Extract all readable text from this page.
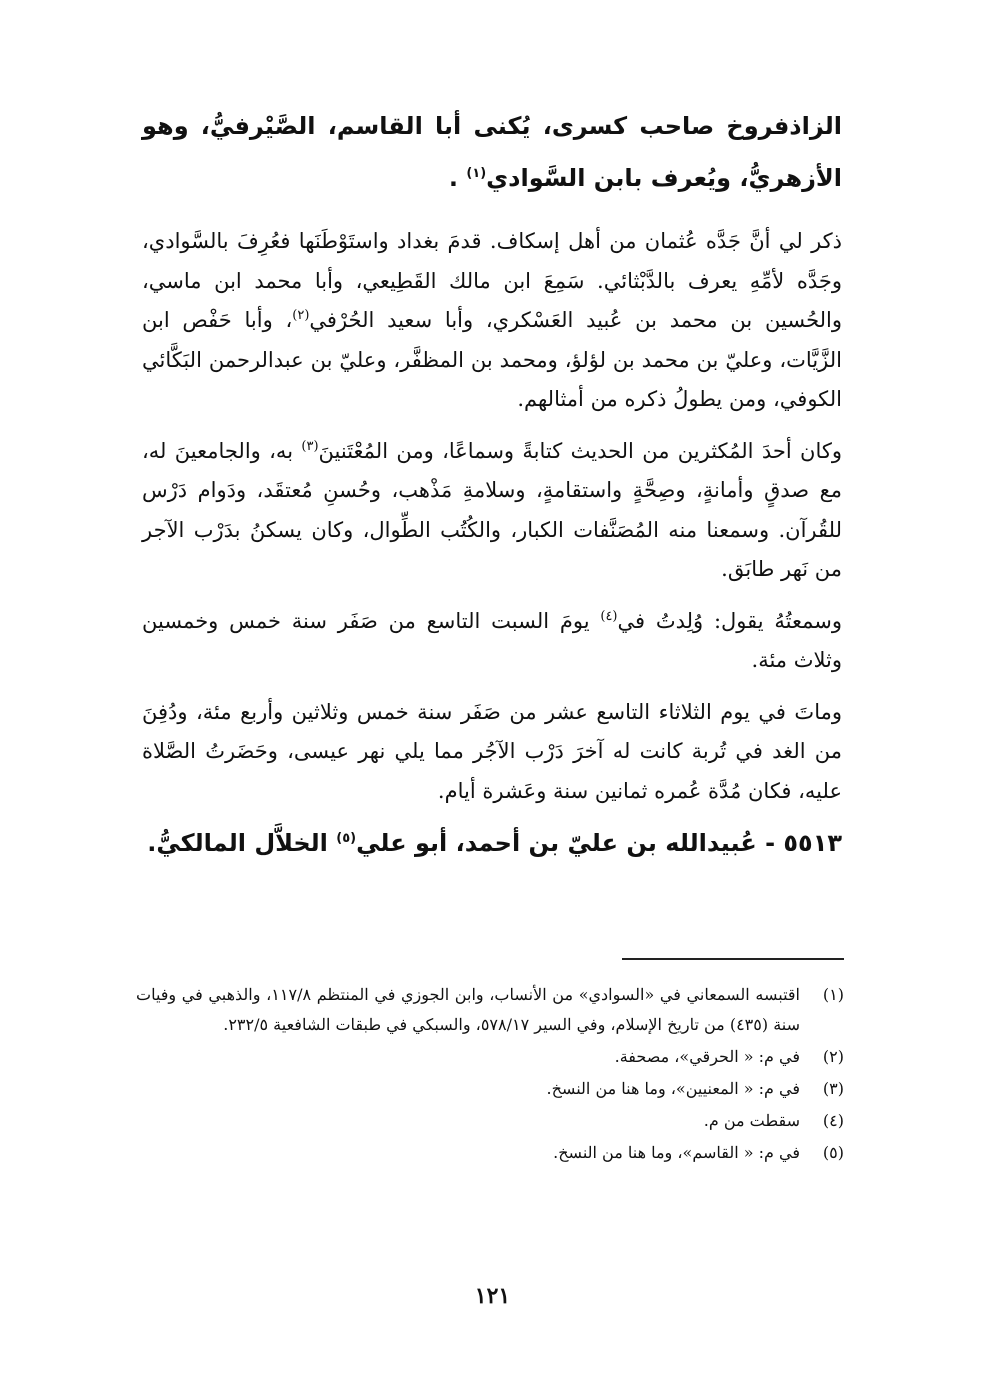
الزاذفروخ صاحب كسرى، يُكنى أبا القاسم، الصَّيْرفيُّ، وهو الأزهريُّ، ويُعرف بابن السَّوادي$^{(١)}$ .

ذكر لي أنَّ جَدَّه عُثمان من أهل إسكاف. قدمَ بغداد واستَوْطَنَها فعُرِفَ بالسَّوادي، وجَدَّه لأمِّهِ يعرف بالدَّبْثائي. سَمِعَ ابن مالك القَطِيعي، وأبا محمد ابن ماسي، والحُسين بن محمد بن عُبيد العَسْكري، وأبا سعيد الحُرْفي$^{(٢)}$، وأبا حَفْص ابن الزَّيَّات، وعليّ بن محمد بن لؤلؤ، ومحمد بن المظفَّر، وعليّ بن عبدالرحمن البَكَّائي الكوفي، ومن يطولُ ذكره من أمثالهم.

وكان أحدَ المُكثرين من الحديث كتابةً وسماعًا، ومن المُعْتَنينَ$^{(٣)}$ به، والجامعينَ له، مع صدقٍ وأمانةٍ، وصِحَّةٍ واستقامةٍ، وسلامةِ مَذْهب، وحُسنِ مُعتقَد، ودَوام دَرْس للقُرآن. وسمعنا منه المُصَنَّفات الكبار، والكُتُب الطِّوال، وكان يسكنُ بدَرْب الآجر من نَهر طابَق.

وسمعتُهُ يقول: وُلِدتُ في$^{(٤)}$ يومَ السبت التاسع من صَفَر سنة خمس وخمسين وثلاث مئة.

وماتَ في يوم الثلاثاء التاسع عشر من صَفَر سنة خمس وثلاثين وأربع مئة، ودُفِنَ من الغد في تُربة كانت له آخرَ دَرْب الآجُر مما يلي نهر عيسى، وحَضَرتُ الصَّلاة عليه، فكان مُدَّة عُمره ثمانين سنة وعَشرة أيام.

٥٥١٣ - عُبيدالله بن عليّ بن أحمد، أبو علي$^{(٥)}$ الخلاَّل المالكيُّ.

(١)
اقتبسه السمعاني في «السوادي» من الأنساب، وابن الجوزي في المنتظم ١١٧/٨، والذهبي في وفيات سنة (٤٣٥) من تاريخ الإسلام، وفي السير ٥٧٨/١٧، والسبكي في طبقات الشافعية ٢٣٢/٥.
(٢)
في م: « الحرقي»، مصحفة.
(٣)
في م: « المعنيين»، وما هنا من النسخ.
(٤)
سقطت من م.
(٥)
في م: « القاسم»، وما هنا من النسخ.
١٢١
